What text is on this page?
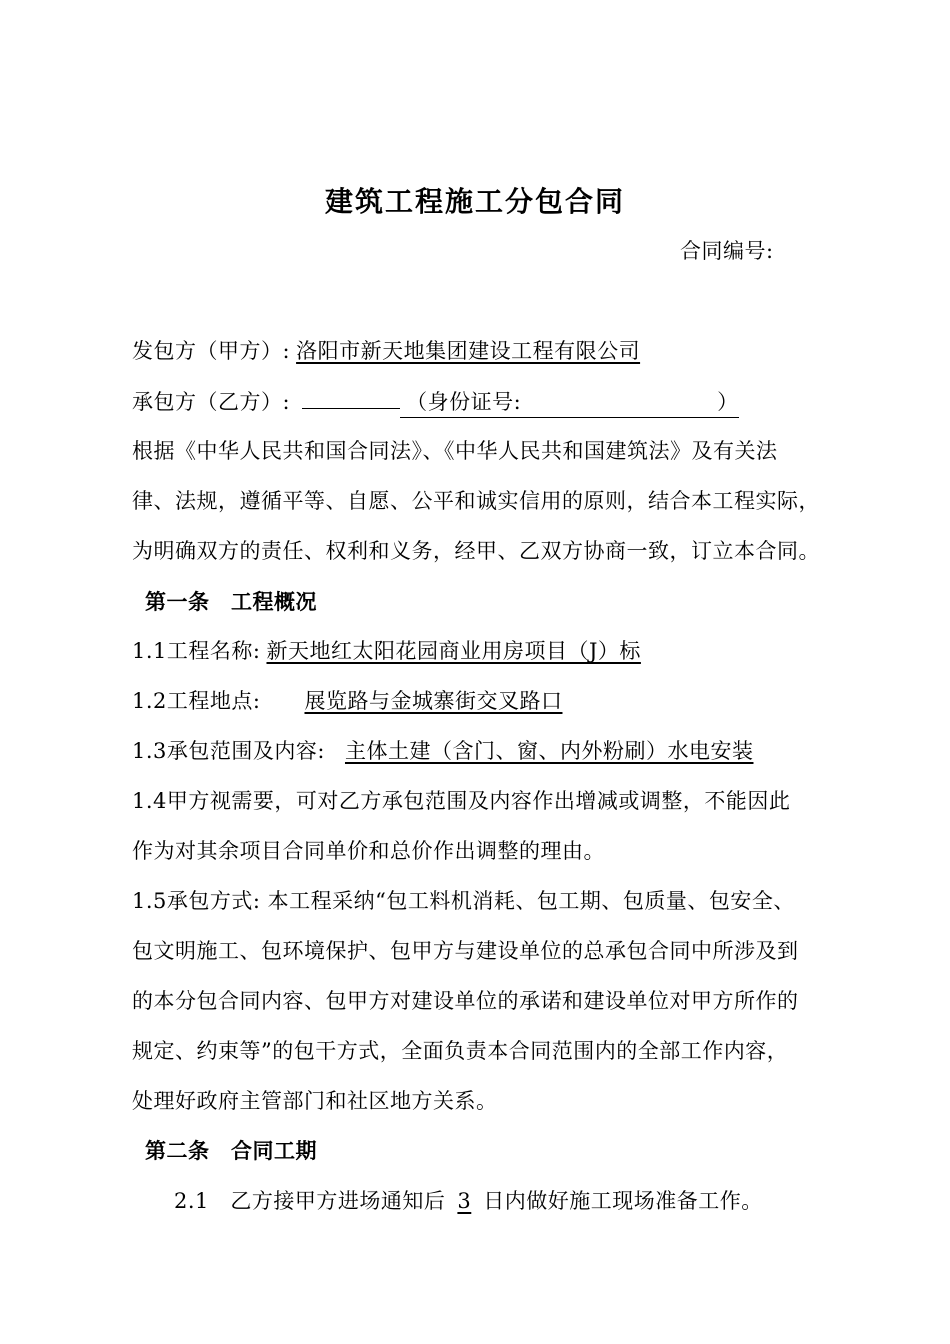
建筑工程施工分包合同
合同编号:
发包方（甲方）: 洛阳市新天地集团建设工程有限公司
承包方（乙方）:	（身份证号:	）
根据《中华人民共和国合同法》、《中华人民共和国建筑法》及有关法
律、法规，遵循平等、自愿、公平和诚实信用的原则，结合本工程实际，
为明确双方的责任、权利和义务，经甲、乙双方协商一致，订立本合同。
第一条　工程概况
1.1工程名称: 新天地红太阳花园商业用房项目（J）标
1.2工程地点: 展览路与金城寨街交叉路口
1.3承包范围及内容: 主体土建（含门、窗、内外粉刷）水电安装
1.4甲方视需要，可对乙方承包范围及内容作出增减或调整，不能因此
作为对其余项目合同单价和总价作出调整的理由。
1.5承包方式: 本工程采纳“包工料机消耗、包工期、包质量、包安全、
包文明施工、包环境保护、包甲方与建设单位的总承包合同中所涉及到
的本分包合同内容、包甲方对建设单位的承诺和建设单位对甲方所作的
规定、约束等”的包干方式，全面负责本合同范围内的全部工作内容，
处理好政府主管部门和社区地方关系。
第二条　合同工期
2.1　乙方接甲方进场通知后 3 日内做好施工现场准备工作。
